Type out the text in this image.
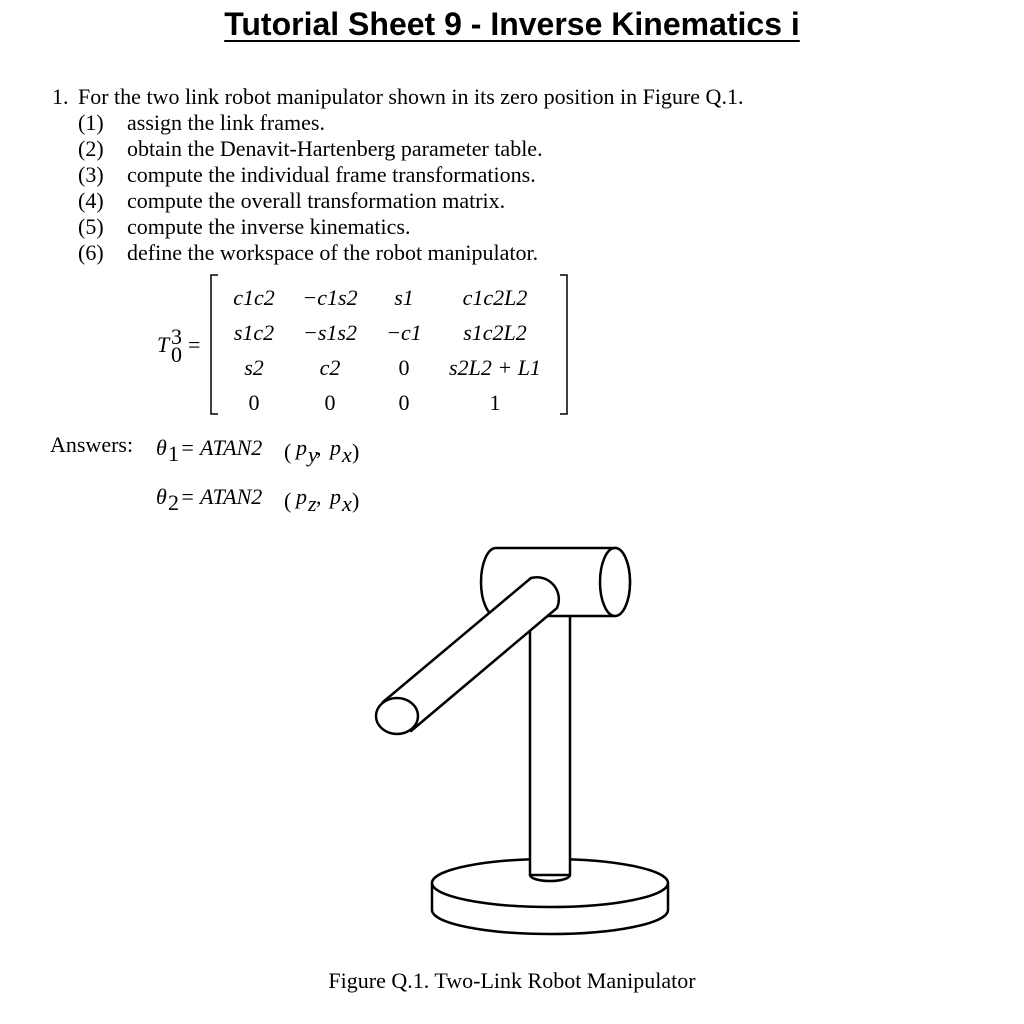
Tutorial Sheet 9 - Inverse Kinematics i
1. For the two link robot manipulator shown in its zero position in Figure Q.1.
(1) assign the link frames.
(2) obtain the Denavit-Hartenberg parameter table.
(3) compute the individual frame transformations.
(4) compute the overall transformation matrix.
(5) compute the inverse kinematics.
(6) define the workspace of the robot manipulator.
T 3
0 =
c1c2 −c1s2 s1 c1c2L2
s1c2 −s1s2 −c1 s1c2L2
s2	c2	0 s2L2 + L1
0	0	0	1
θ 1 = ATAN2 ( p y
, p x )
θ 2 = ATAN2 ( p z , p x )
Answers:
Figure Q.1. Two-Link Robot Manipulator
